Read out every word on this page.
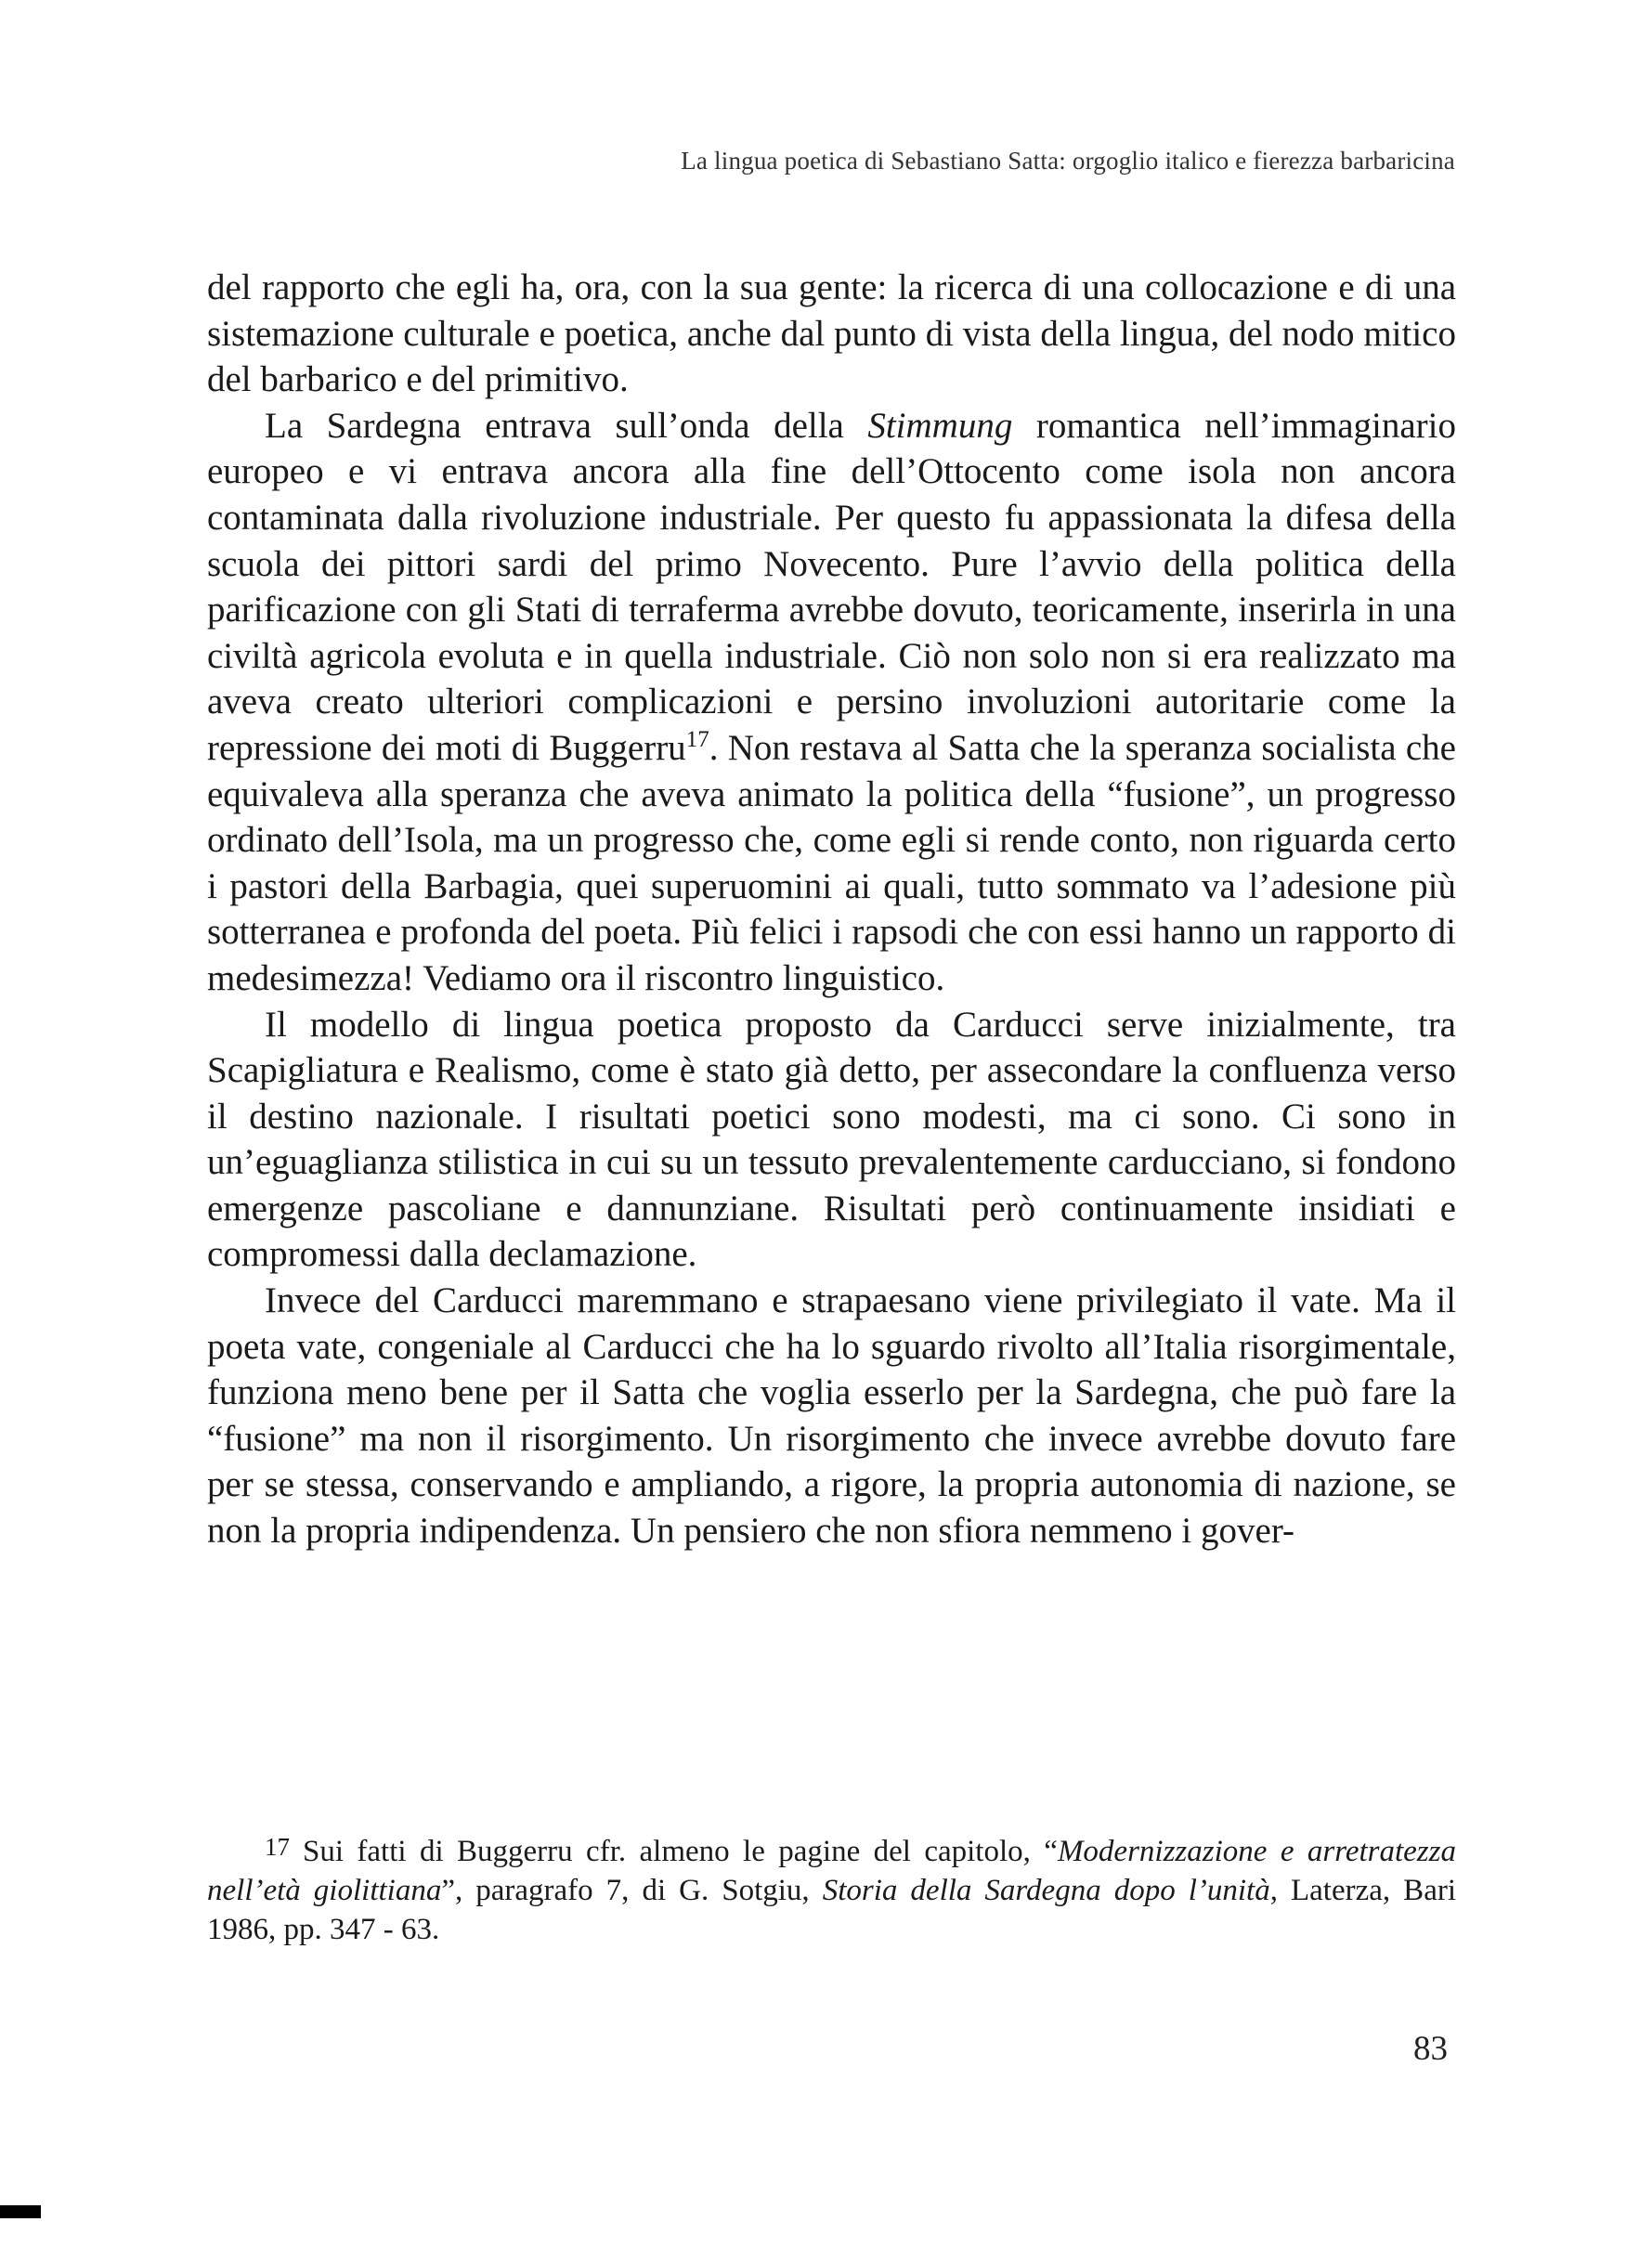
La lingua poetica di Sebastiano Satta: orgoglio italico e fierezza barbaricina

del rapporto che egli ha, ora, con la sua gente: la ricerca di una collocazione e di una sistemazione culturale e poetica, anche dal punto di vista della lingua, del nodo mitico del barbarico e del primitivo.

La Sardegna entrava sull’onda della Stimmung romantica nell’immaginario europeo e vi entrava ancora alla fine dell’Ottocento come isola non ancora contaminata dalla rivoluzione industriale. Per questo fu appassionata la difesa della scuola dei pittori sardi del primo Novecento. Pure l’avvio della politica della parificazione con gli Stati di terraferma avrebbe dovuto, teoricamente, inserirla in una civiltà agricola evoluta e in quella industriale. Ciò non solo non si era realizzato ma aveva creato ulteriori complicazioni e persino involuzioni autoritarie come la repressione dei moti di Buggerru$^{17}$. Non restava al Satta che la speranza socialista che equivaleva alla speranza che aveva animato la politica della “fusione”, un progresso ordinato dell’Isola, ma un progresso che, come egli si rende conto, non riguarda certo i pastori della Barbagia, quei superuomini ai quali, tutto sommato va l’adesione più sotterranea e profonda del poeta. Più felici i rapsodi che con essi hanno un rapporto di medesimezza! Vediamo ora il riscontro linguistico.

Il modello di lingua poetica proposto da Carducci serve inizialmente, tra Scapigliatura e Realismo, come è stato già detto, per assecondare la confluenza verso il destino nazionale. I risultati poetici sono modesti, ma ci sono. Ci sono in un’eguaglianza stilistica in cui su un tessuto prevalentemente carducciano, si fondono emergenze pascoliane e dannunziane. Risultati però continuamente insidiati e compromessi dalla declamazione.

Invece del Carducci maremmano e strapaesano viene privilegiato il vate. Ma il poeta vate, congeniale al Carducci che ha lo sguardo rivolto all’Italia risorgimentale, funziona meno bene per il Satta che voglia esserlo per la Sardegna, che può fare la “fusione” ma non il risorgimento. Un risorgimento che invece avrebbe dovuto fare per se stessa, conservando e ampliando, a rigore, la propria autonomia di nazione, se non la propria indipendenza. Un pensiero che non sfiora nemmeno i gover-

17 Sui fatti di Buggerru cfr. almeno le pagine del capitolo, “Modernizzazione e arretratezza nell’età giolittiana”, paragrafo 7, di G. Sotgiu, Storia della Sardegna dopo l’unità, Laterza, Bari 1986, pp. 347 - 63.

83
